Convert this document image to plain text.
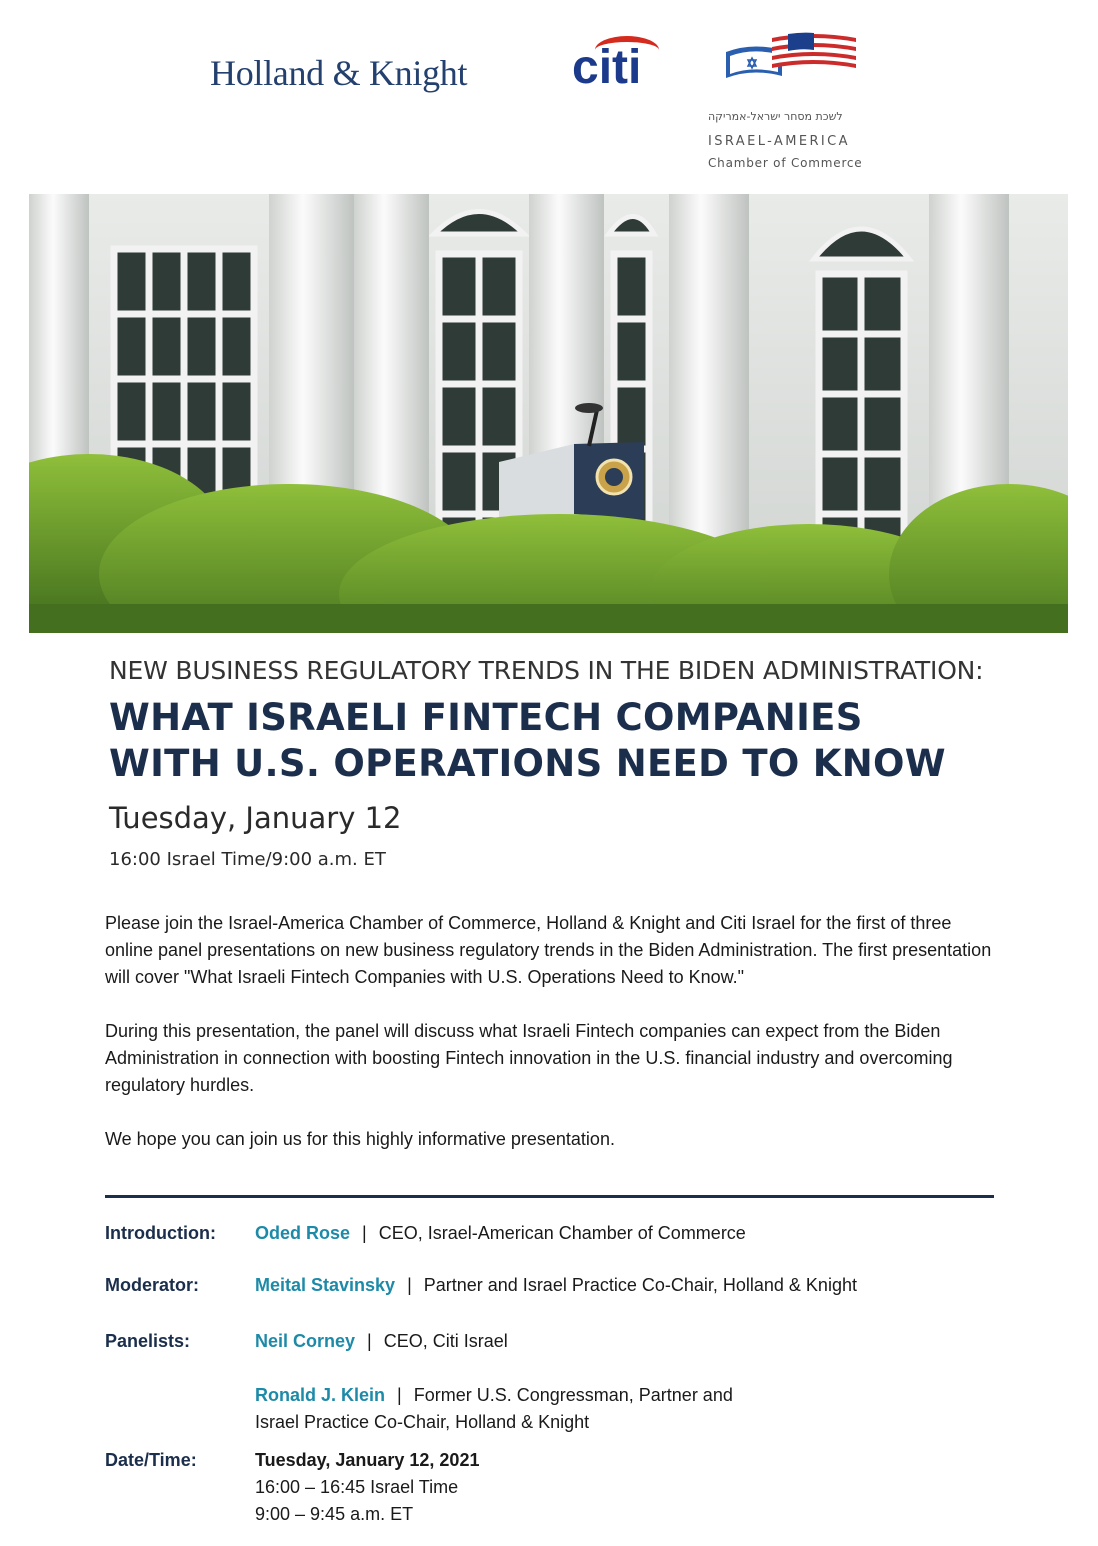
Holland & Knight citi
לשכת מסחר ישראל-אמריקה
ISRAEL-AMERICA
Chamber of Commerce
NEW BUSINESS REGULATORY TRENDS IN THE BIDEN ADMINISTRATION:
WHAT ISRAELI FINTECH COMPANIES
WITH U.S. OPERATIONS NEED TO KNOW
Tuesday, January 12
16:00 Israel Time/9:00 a.m. ET

Please join the Israel-America Chamber of Commerce, Holland & Knight and Citi Israel for the first of three online panel presentations on new business regulatory trends in the Biden Administration. The first presentation will cover "What Israeli Fintech Companies with U.S. Operations Need to Know."

During this presentation, the panel will discuss what Israeli Fintech companies can expect from the Biden Administration in connection with boosting Fintech innovation in the U.S. financial industry and overcoming regulatory hurdles.

We hope you can join us for this highly informative presentation.

Introduction: Oded Rose | CEO, Israel-American Chamber of Commerce
Moderator:	Meital Stavinsky | Partner and Israel Practice Co-Chair, Holland & Knight
Panelists:	Neil Corney | CEO, Citi Israel
Ronald J. Klein | Former U.S. Congressman, Partner and
Israel Practice Co-Chair, Holland & Knight
Date/Time:	Tuesday, January 12, 2021
16:00 – 16:45 Israel Time
9:00 – 9:45 a.m. ET
